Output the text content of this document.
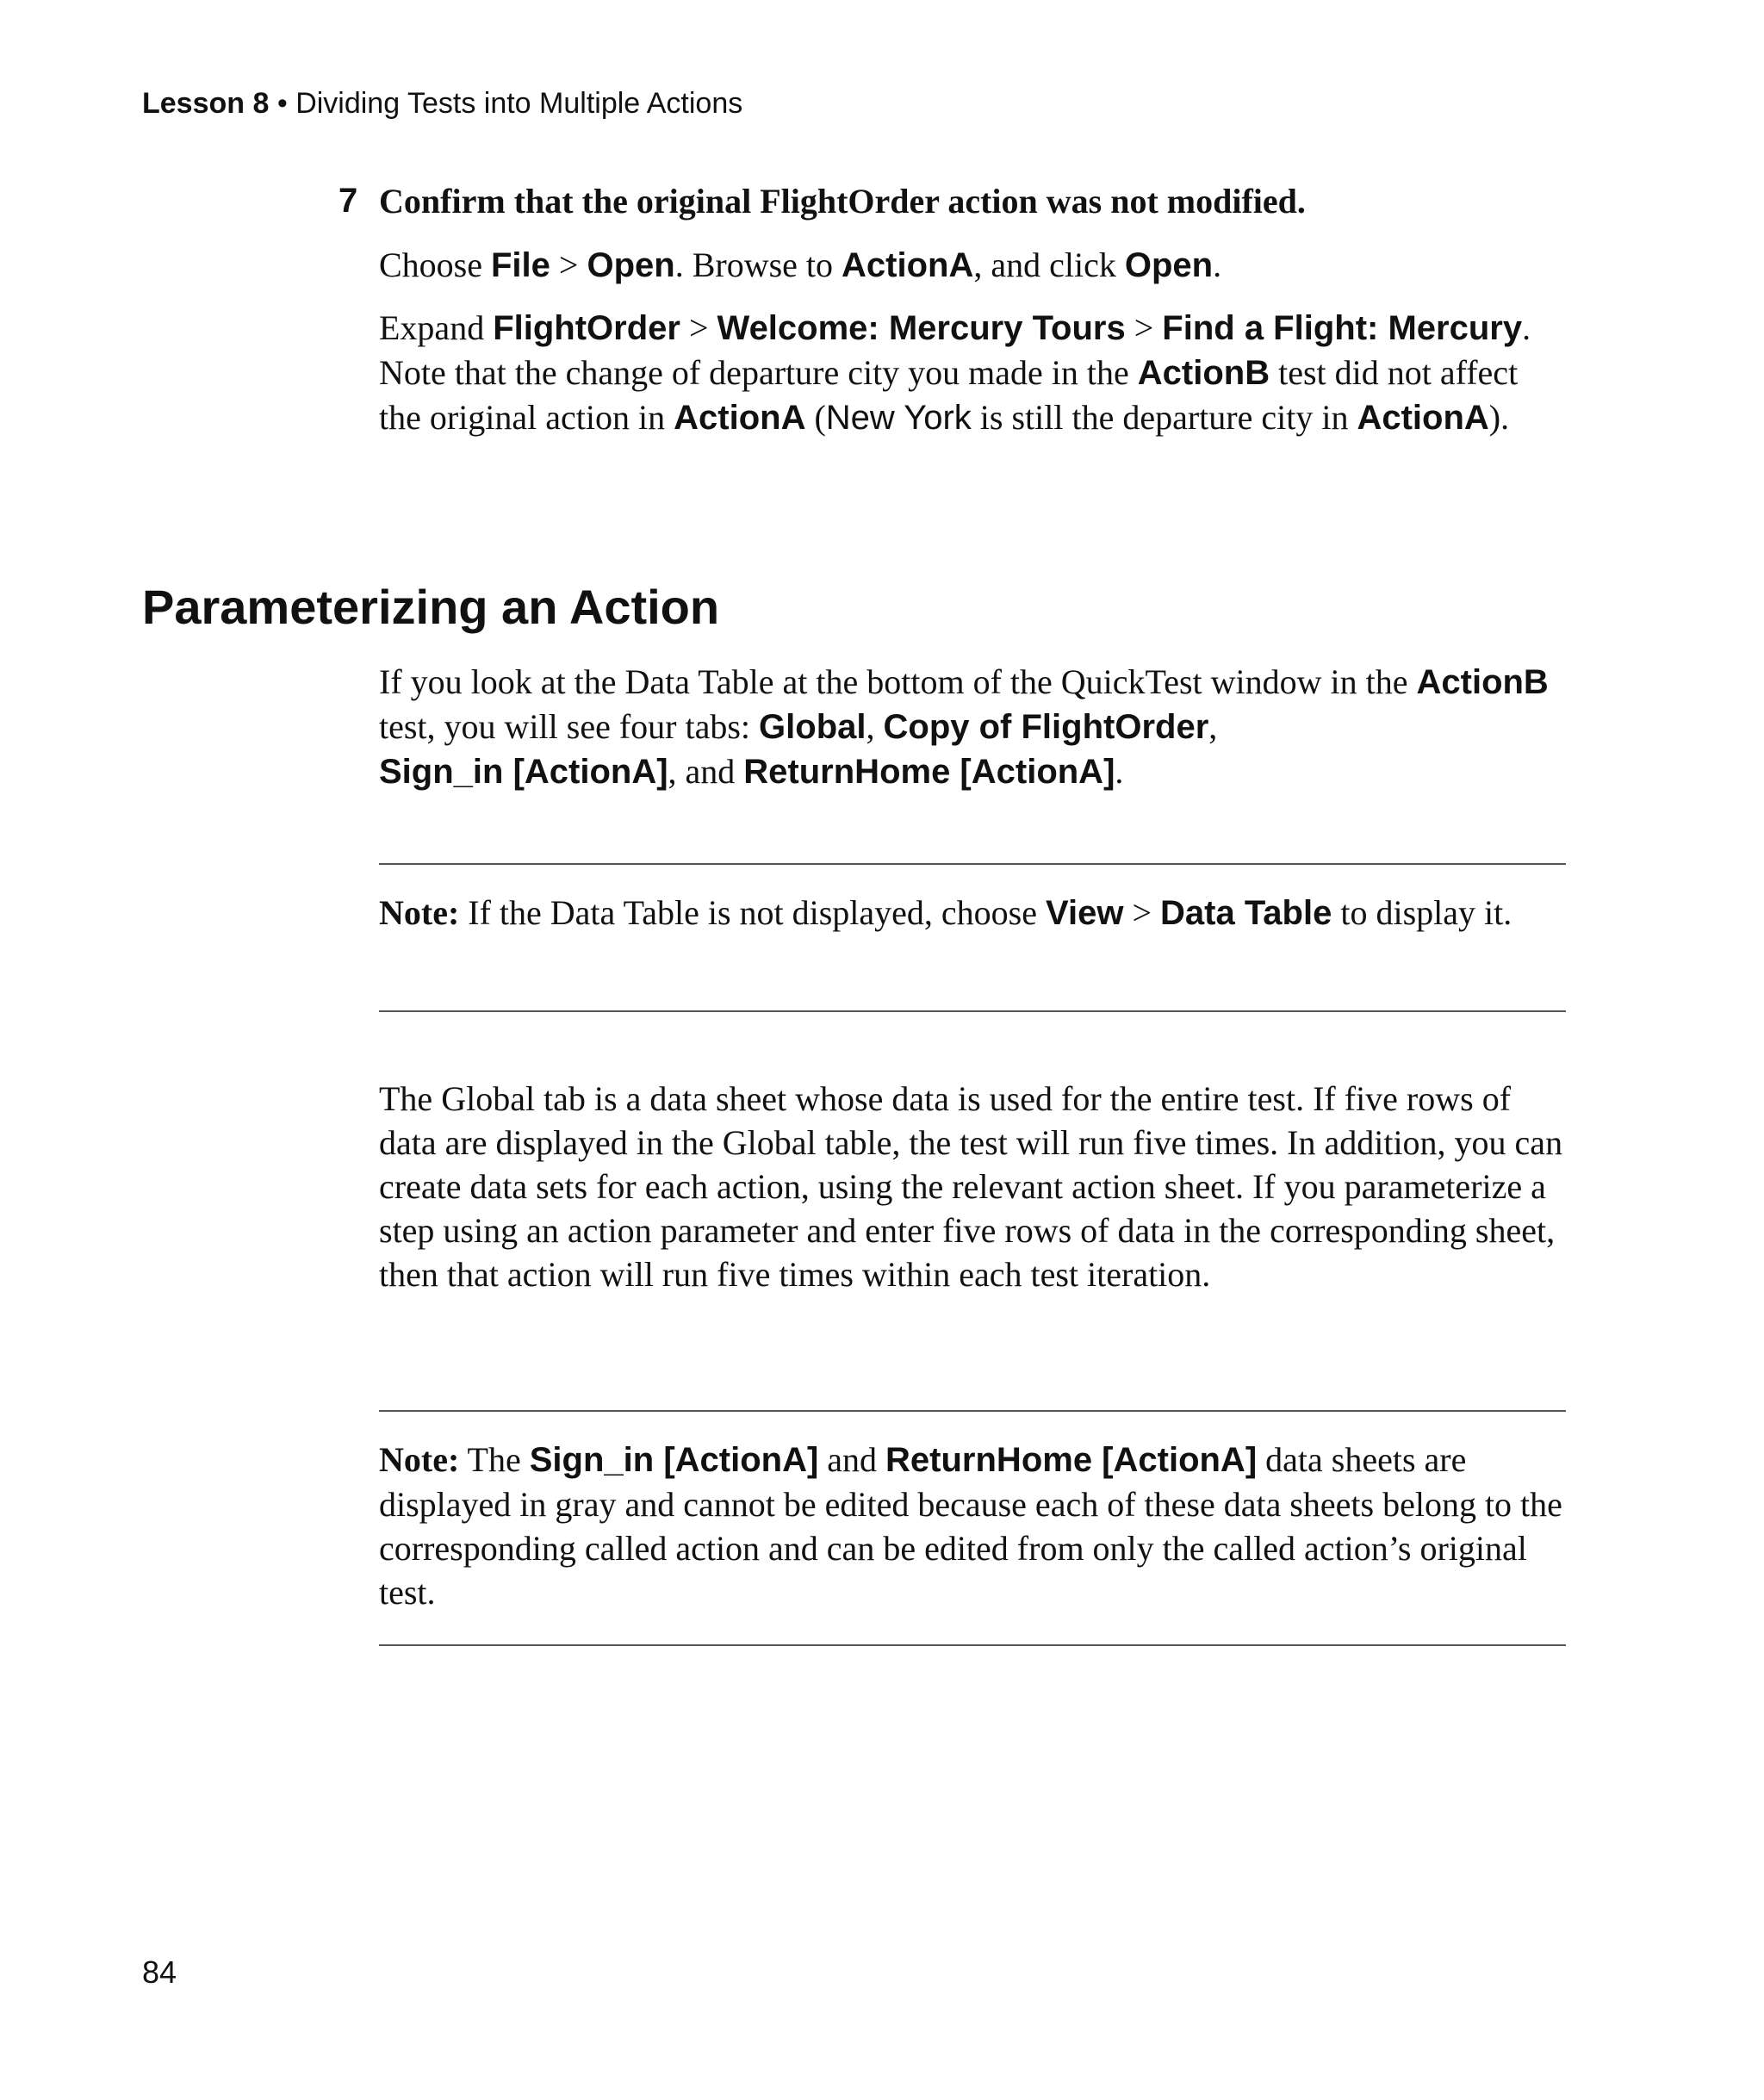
Lesson 8 • Dividing Tests into Multiple Actions
7 Confirm that the original FlightOrder action was not modified.

Choose File > Open. Browse to ActionA, and click Open.

Expand FlightOrder > Welcome: Mercury Tours > Find a Flight: Mercury. Note that the change of departure city you made in the ActionB test did not affect the original action in ActionA (New York is still the departure city in ActionA).

Parameterizing an Action

If you look at the Data Table at the bottom of the QuickTest window in the ActionB test, you will see four tabs: Global, Copy of FlightOrder,
Sign_in [ActionA], and ReturnHome [ActionA].

Note: If the Data Table is not displayed, choose View > Data Table to display it.

The Global tab is a data sheet whose data is used for the entire test. If five rows of data are displayed in the Global table, the test will run five times. In addition, you can create data sets for each action, using the relevant action sheet. If you parameterize a step using an action parameter and enter five rows of data in the corresponding sheet, then that action will run five times within each test iteration.

Note: The Sign_in [ActionA] and ReturnHome [ActionA] data sheets are displayed in gray and cannot be edited because each of these data sheets belong to the corresponding called action and can be edited from only the called action’s original test.

84
